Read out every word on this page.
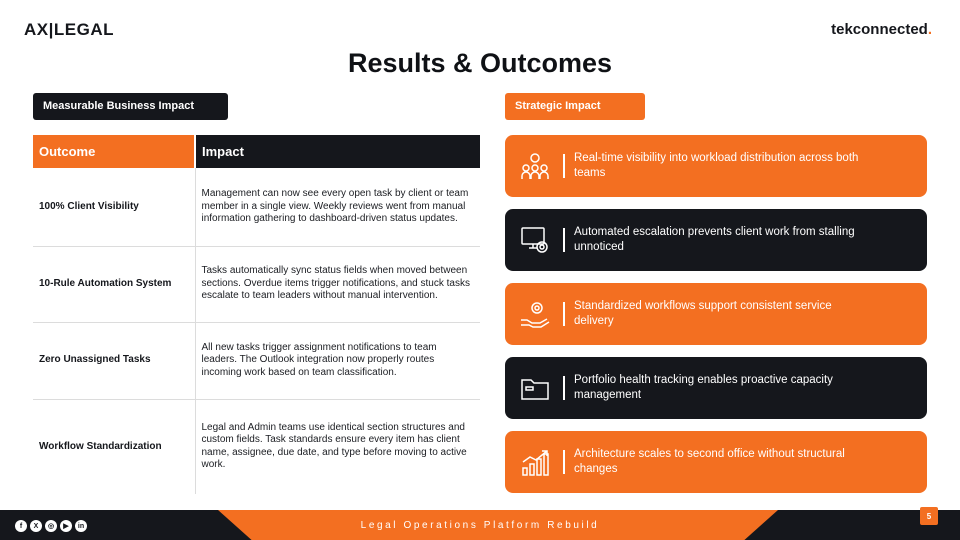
AX|LEGAL	tekconnected.
Results & Outcomes
Measurable Business Impact	Strategic Impact
Outcome	Impact
100% Client Visibility	Management can now see every open task by client or team member in a single view. Weekly reviews went from manual information gathering to dashboard-driven status updates.
10-Rule Automation System	Tasks automatically sync status fields when moved between sections. Overdue items trigger notifications, and stuck tasks escalate to team leaders without manual intervention.
Zero Unassigned Tasks	All new tasks trigger assignment notifications to team leaders. The Outlook integration now properly routes incoming work based on team classification.
Workflow Standardization	Legal and Admin teams use identical section structures and custom fields. Task standards ensure every item has client name, assignee, due date, and type before moving to active work.
Real-time visibility into workload distribution across both teams
Automated escalation prevents client work from stalling unnoticed
Standardized workflows support consistent service delivery
Portfolio health tracking enables proactive capacity management
Architecture scales to second office without structural changes
Legal Operations Platform Rebuild
f	X	◎	▶	in
5
